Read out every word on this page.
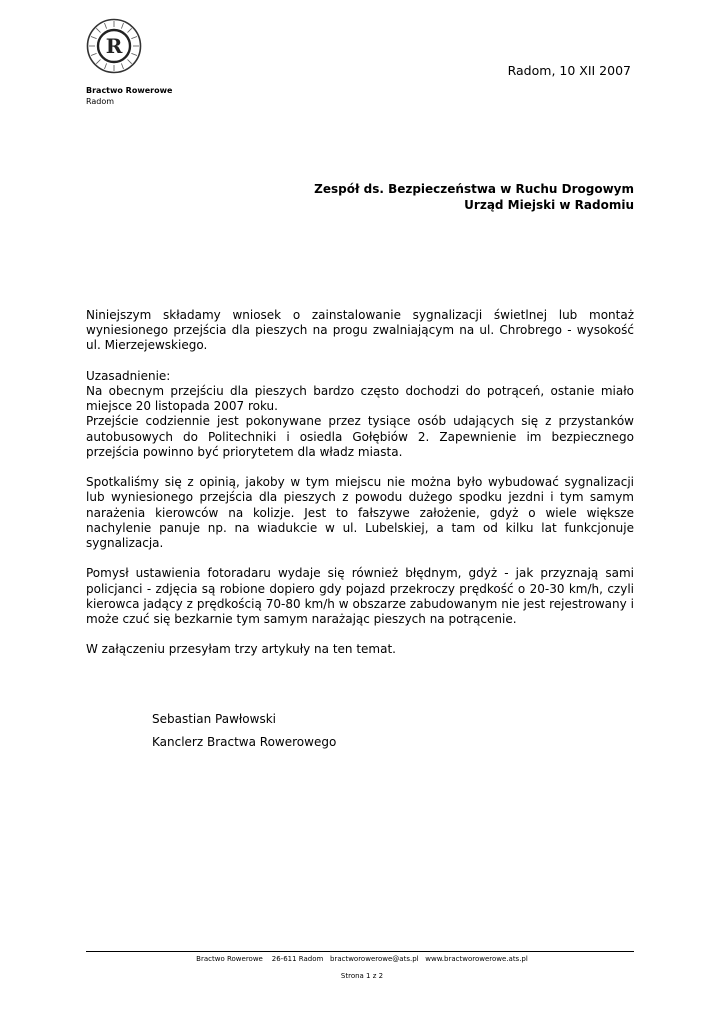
R
Bractwo Rowerowe
Radom
Radom, 10 XII 2007
Zespół ds. Bezpieczeństwa w Ruchu Drogowym
Urząd Miejski w Radomiu

Niniejszym składamy wniosek o zainstalowanie sygnalizacji świetlnej lub montaż wyniesionego przejścia dla pieszych na progu zwalniającym na ul. Chrobrego - wysokość ul. Mierzejewskiego.

Uzasadnienie:
Na obecnym przejściu dla pieszych bardzo często dochodzi do potrąceń, ostanie miało miejsce 20 listopada 2007 roku.
Przejście codziennie jest pokonywane przez tysiące osób udających się z przystanków autobusowych do Politechniki i osiedla Gołębiów 2. Zapewnienie im bezpiecznego przejścia powinno być priorytetem dla władz miasta.

Spotkaliśmy się z opinią, jakoby w tym miejscu nie można było wybudować sygnalizacji lub wyniesionego przejścia dla pieszych z powodu dużego spodku jezdni i tym samym narażenia kierowców na kolizje. Jest to fałszywe założenie, gdyż o wiele większe nachylenie panuje np. na wiadukcie w ul. Lubelskiej, a tam od kilku lat funkcjonuje sygnalizacja.

Pomysł ustawienia fotoradaru wydaje się również błędnym, gdyż - jak przyznają sami policjanci - zdjęcia są robione dopiero gdy pojazd przekroczy prędkość o 20-30 km/h, czyli kierowca jadący z prędkością 70-80 km/h w obszarze zabudowanym nie jest rejestrowany i może czuć się bezkarnie tym samym narażając pieszych na potrącenie.

W załączeniu przesyłam trzy artykuły na ten temat.

Sebastian Pawłowski
Kanclerz Bractwa Rowerowego
Bractwo Rowerowe    26-611 Radom   bractworowerowe@ats.pl   www.bractworowerowe.ats.pl
Strona 1 z 2
